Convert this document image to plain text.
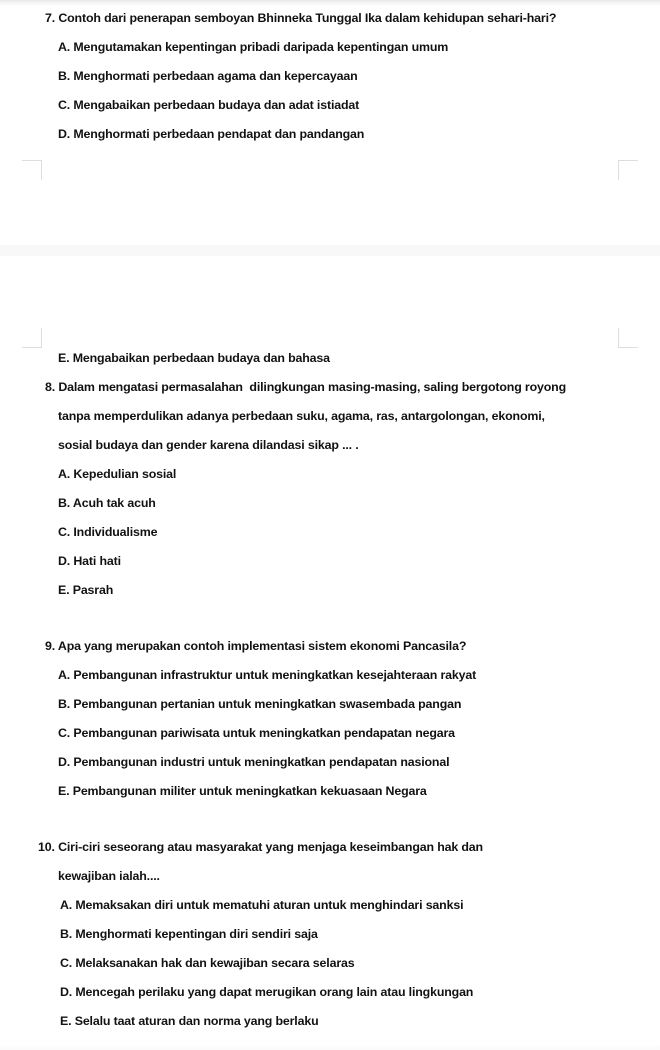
7. Contoh dari penerapan semboyan Bhinneka Tunggal Ika dalam kehidupan sehari-hari?
A. Mengutamakan kepentingan pribadi daripada kepentingan umum
B. Menghormati perbedaan agama dan kepercayaan
C. Mengabaikan perbedaan budaya dan adat istiadat
D. Menghormati perbedaan pendapat dan pandangan
E. Mengabaikan perbedaan budaya dan bahasa
8. Dalam mengatasi permasalahan  dilingkungan masing-masing, saling bergotong royong
tanpa memperdulikan adanya perbedaan suku, agama, ras, antargolongan, ekonomi,
sosial budaya dan gender karena dilandasi sikap ... .
A. Kepedulian sosial
B. Acuh tak acuh
C. Individualisme
D. Hati hati
E. Pasrah
9. Apa yang merupakan contoh implementasi sistem ekonomi Pancasila?
A. Pembangunan infrastruktur untuk meningkatkan kesejahteraan rakyat
B. Pembangunan pertanian untuk meningkatkan swasembada pangan
C. Pembangunan pariwisata untuk meningkatkan pendapatan negara
D. Pembangunan industri untuk meningkatkan pendapatan nasional
E. Pembangunan militer untuk meningkatkan kekuasaan Negara
10. Ciri-ciri seseorang atau masyarakat yang menjaga keseimbangan hak dan
kewajiban ialah....
A. Memaksakan diri untuk mematuhi aturan untuk menghindari sanksi
B. Menghormati kepentingan diri sendiri saja
C. Melaksanakan hak dan kewajiban secara selaras
D. Mencegah perilaku yang dapat merugikan orang lain atau lingkungan
E. Selalu taat aturan dan norma yang berlaku
